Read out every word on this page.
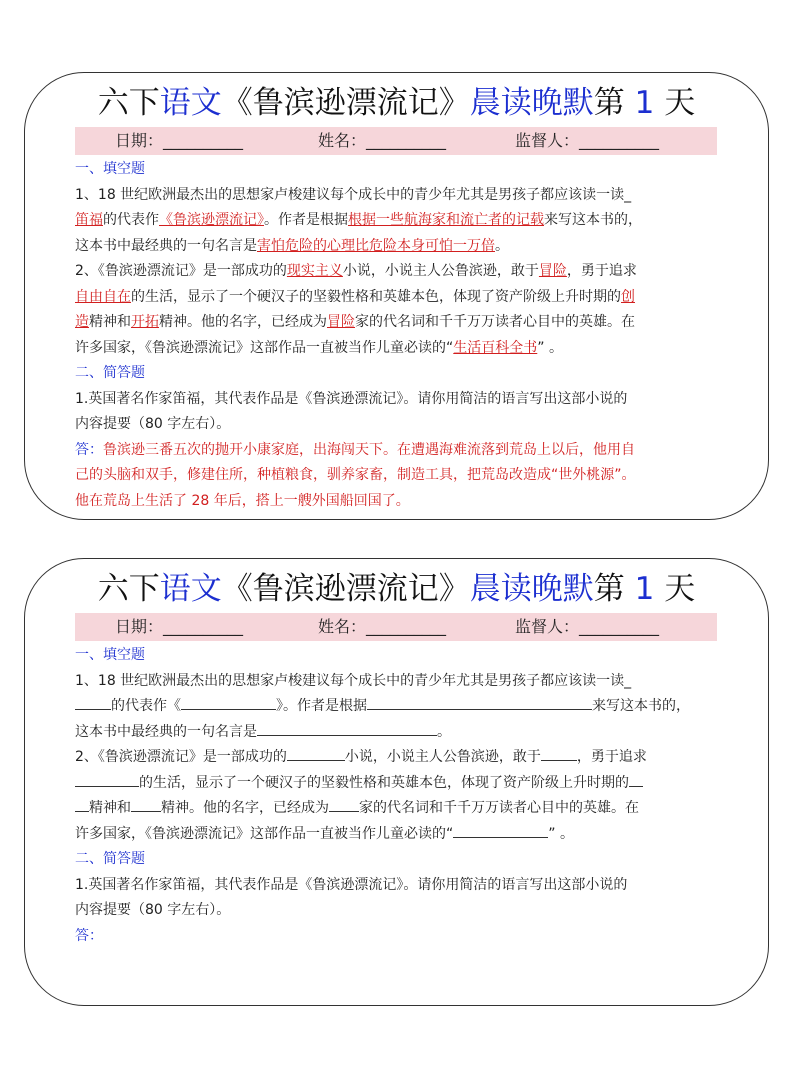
六下语文《鲁滨逊漂流记》晨读晚默第 1 天
日期：__________	姓名：__________	监督人：__________
一、填空题
1、18 世纪欧洲最杰出的思想家卢梭建议每个成长中的青少年尤其是男孩子都应该读一读_
笛福的代表作《鲁滨逊漂流记》。作者是根据根据一些航海家和流亡者的记载来写这本书的，
这本书中最经典的一句名言是害怕危险的心理比危险本身可怕一万倍。
2、《鲁滨逊漂流记》是一部成功的现实主义小说，小说主人公鲁滨逊，敢于冒险，勇于追求
自由自在的生活，显示了一个硬汉子的坚毅性格和英雄本色，体现了资产阶级上升时期的创
造精神和开拓精神。他的名字，已经成为冒险家的代名词和千千万万读者心目中的英雄。在
许多国家，《鲁滨逊漂流记》这部作品一直被当作儿童必读的“生活百科全书” 。
二、简答题
1.英国著名作家笛福，其代表作品是《鲁滨逊漂流记》。请你用简洁的语言写出这部小说的
内容提要（80 字左右）。
答：鲁滨逊三番五次的抛开小康家庭，出海闯天下。在遭遇海难流落到荒岛上以后，他用自
己的头脑和双手，修建住所，种植粮食，驯养家畜，制造工具，把荒岛改造成“世外桃源”。
他在荒岛上生活了 28 年后，搭上一艘外国船回国了。
六下语文《鲁滨逊漂流记》晨读晚默第 1 天
日期：__________	姓名：__________	监督人：__________
一、填空题
1、18 世纪欧洲最杰出的思想家卢梭建议每个成长中的青少年尤其是男孩子都应该读一读_
的代表作《	》。作者是根据	来写这本书的，
这本书中最经典的一句名言是	。
2、《鲁滨逊漂流记》是一部成功的	小说，小说主人公鲁滨逊，敢于	，勇于追求
的生活，显示了一个硬汉子的坚毅性格和英雄本色，体现了资产阶级上升时期的
精神和 精神。他的名字，已经成为 家的代名词和千千万万读者心目中的英雄。在
许多国家，《鲁滨逊漂流记》这部作品一直被当作儿童必读的“	” 。
二、简答题
1.英国著名作家笛福，其代表作品是《鲁滨逊漂流记》。请你用简洁的语言写出这部小说的
内容提要（80 字左右）。
答：
